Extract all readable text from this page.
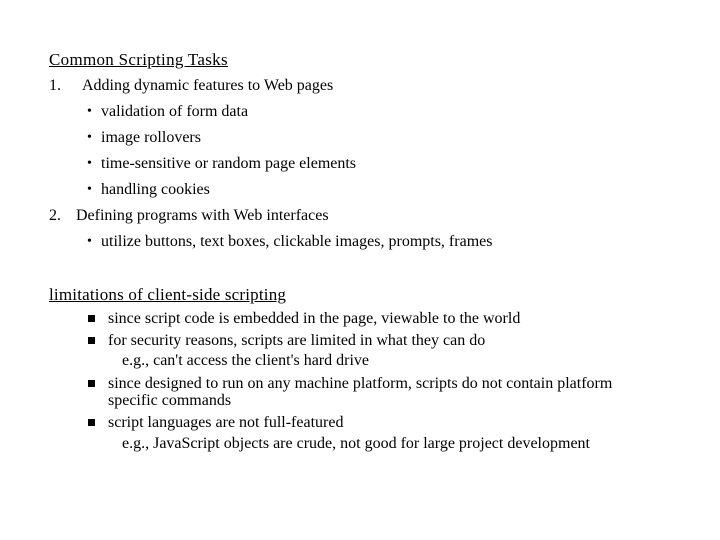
Common Scripting Tasks
1. Adding dynamic features to Web pages
• validation of form data
• image rollovers
• time-sensitive or random page elements
• handling cookies
2. Defining programs with Web interfaces
• utilize buttons, text boxes, clickable images, prompts, frames
limitations of client-side scripting
since script code is embedded in the page, viewable to the world
for security reasons, scripts are limited in what they can do
e.g., can't access the client's hard drive
since designed to run on any machine platform, scripts do not contain platform
specific commands
script languages are not full-featured
e.g., JavaScript objects are crude, not good for large project development
